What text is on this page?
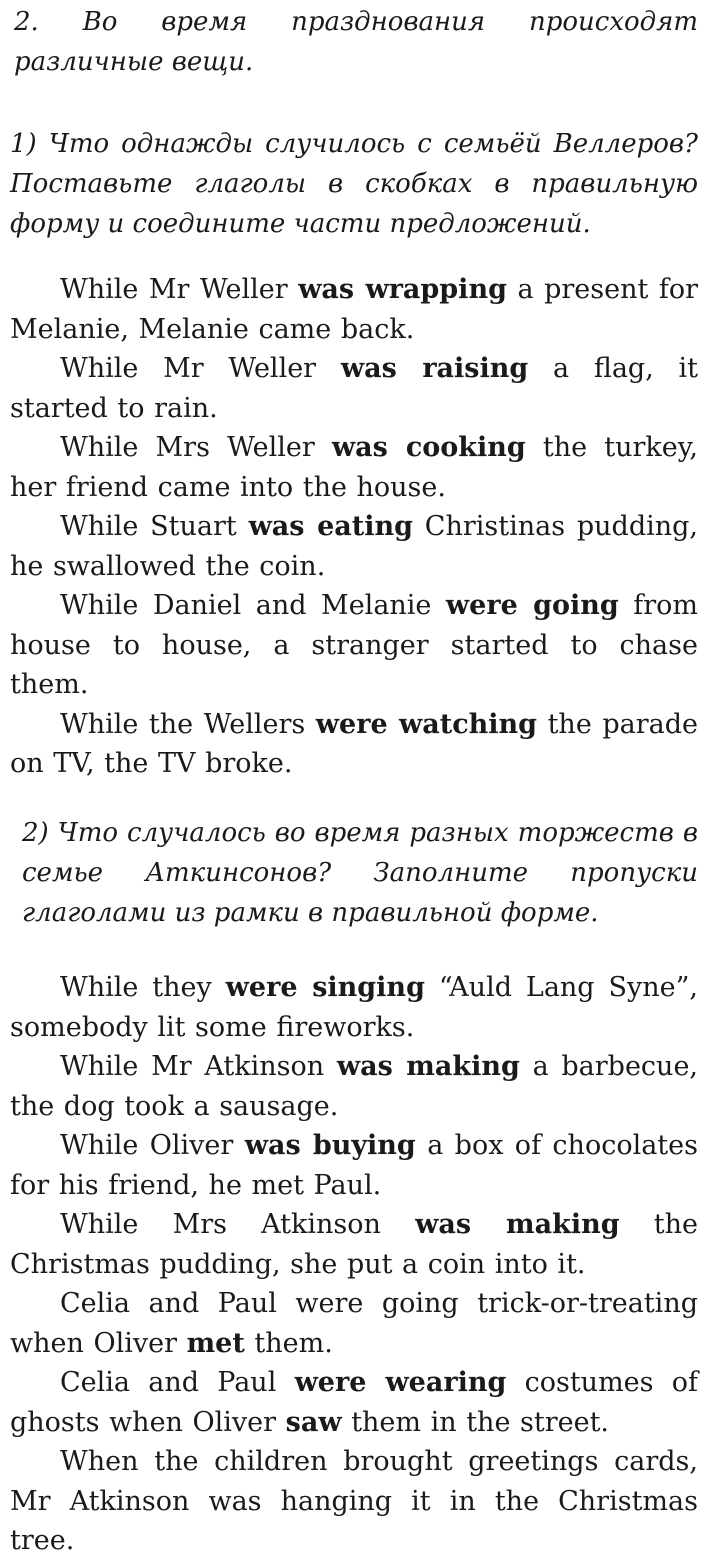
2. Во время празднования происходят различные вещи.

1) Что однажды случилось с семьёй Веллеров? Поставьте глаголы в скобках в правильную форму и соедините части предложений.

While Mr Weller was wrapping a present for Melanie, Melanie came back.

While Mr Weller was raising a flag, it started to rain.

While Mrs Weller was cooking the turkey, her friend came into the house.

While Stuart was eating Christinas pudding, he swallowed the coin.

While Daniel and Melanie were going from house to house, a stranger started to chase them.

While the Wellers were watching the parade on TV, the TV broke.

2) Что случалось во время разных торжеств в семье Аткинсонов? Заполните пропуски глаголами из рамки в правильной форме.

While they were singing “Auld Lang Syne”, somebody lit some fireworks.

While Mr Atkinson was making a barbecue, the dog took a sausage.

While Oliver was buying a box of chocolates for his friend, he met Paul.

While Mrs Atkinson was making the Christmas pudding, she put a coin into it.

Celia and Paul were going trick-or-treating when Oliver met them.

Celia and Paul were wearing costumes of ghosts when Oliver saw them in the street.

When the children brought greetings cards, Mr Atkinson was hanging it in the Christmas tree.
